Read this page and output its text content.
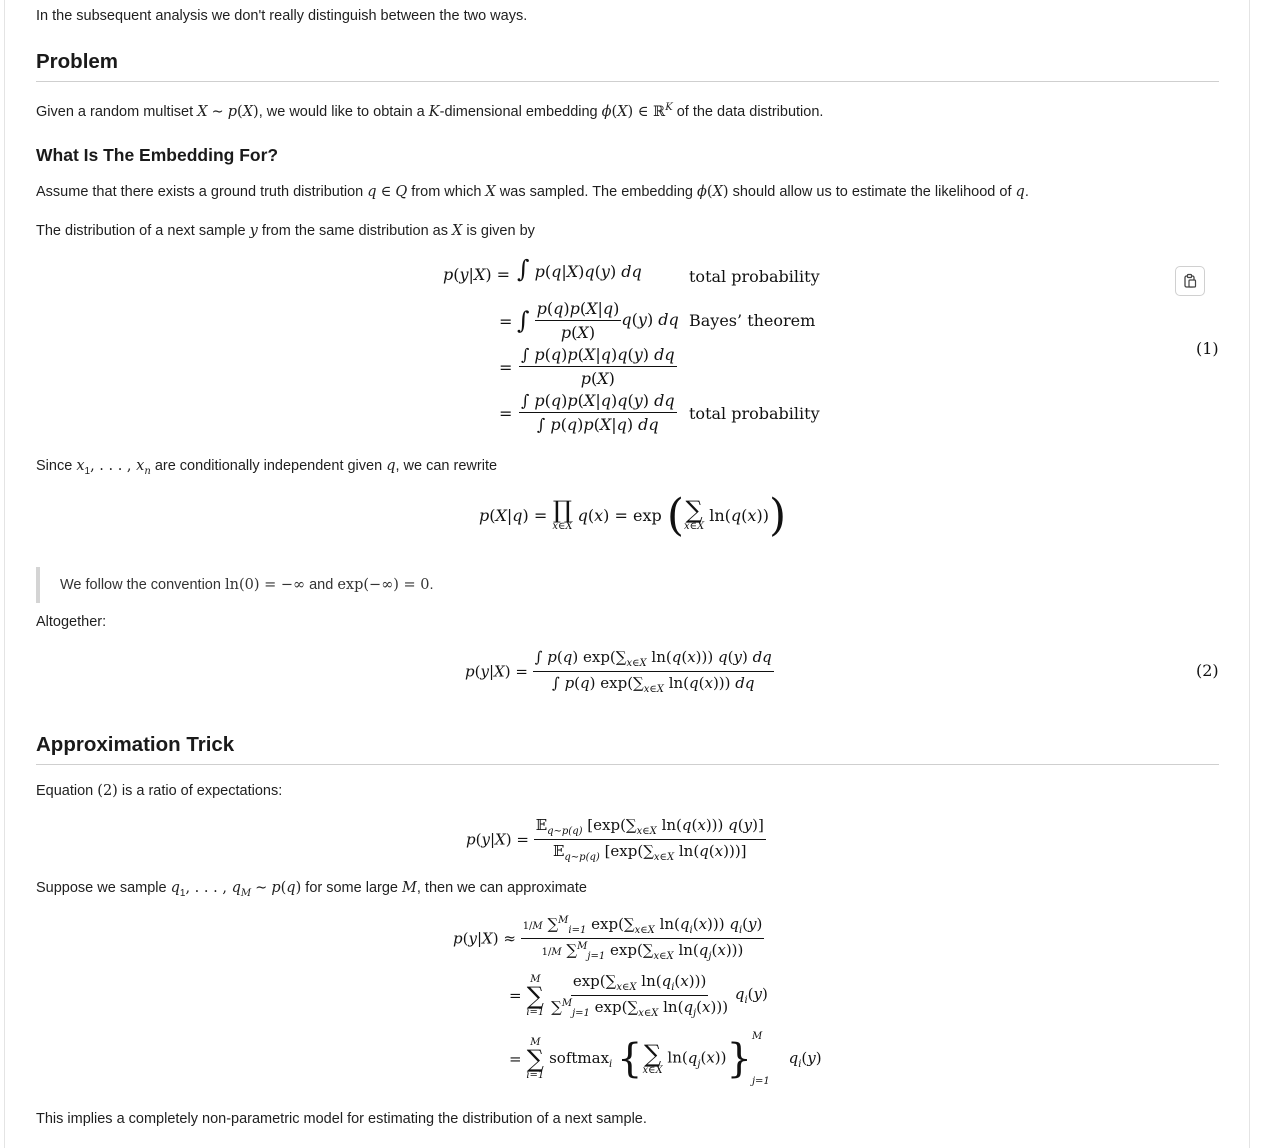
In the subsequent analysis we don't really distinguish between the two ways.
Problem
Given a random multiset X ∼ p(X), we would like to obtain a K-dimensional embedding ϕ(X) ∈ ℝ$^K$ of the data distribution.
What Is The Embedding For?
Assume that there exists a ground truth distribution q ∈ Q from which X was sampled. The embedding ϕ(X) should allow us to estimate the likelihood of q.
The distribution of a next sample y from the same distribution as X is given by
p(y|X) = ∫ p(q|X)q(y) dq	total probability
= ∫ $\frac{p(q)p(X|q)}{p(X)} q(y)$ dq Bayes’ theorem
= $\frac{\int p(q)p(X|q)q(y) dq}{p(X)}$
= $\frac{\int p(q)p(X|q)q(y) dq}{\int p(q)p(X|q) dq}$ total probability
(1)
Since $x_1$, . . . , $x_n$ are conditionally independent given q, we can rewrite
p(X|q) = ∏
x∈X
q(x) = exp ( ∑
x∈X
ln(q(x)))
We follow the convention ln(0) = −∞ and exp(−∞) = 0.
Altogether:
$p(y|X) = \frac{\int p(q) \exp(\sum_{x\in X} \ln(q(x))) q(y) dq}{\int p(q) \exp(\sum_{x\in X} \ln(q(x))) dq}$	(2)
Approximation Trick
Equation (2) is a ratio of expectations:
$p(y|X) = \frac{𝔼_{q\sim p(q)} [\exp(\sum_{x\in X} \ln(q(x))) q(y)]}{𝔼_{q\sim p(q)} [\exp(\sum_{x\in X} \ln(q(x)))]}$
Suppose we sample $q_1$, . . . , $q_M$ ∼ p(q) for some large M, then we can approximate
$p(y|X) \approx \frac{1/M \sum^M_{i=1} \exp(\sum_{x\in X} \ln(q_i(x))) q_i(y)}{1/M \sum^M_{j=1} \exp(\sum_{x\in X} \ln(q_j(x)))}$
=
M
∑
i=1
$\frac{\exp(\sum_{x\in X} \ln(q_i(x)))}{\sum^M_{j=1} \exp(\sum_{x\in X} \ln(q_j(x)))} q_i(y)$
=
M
∑
i=1
softmax$_i$ { ∑
x∈X
$\ln(q_j(x))$} M
j=1
$q_i(y)$
This implies a completely non-parametric model for estimating the distribution of a next sample.
